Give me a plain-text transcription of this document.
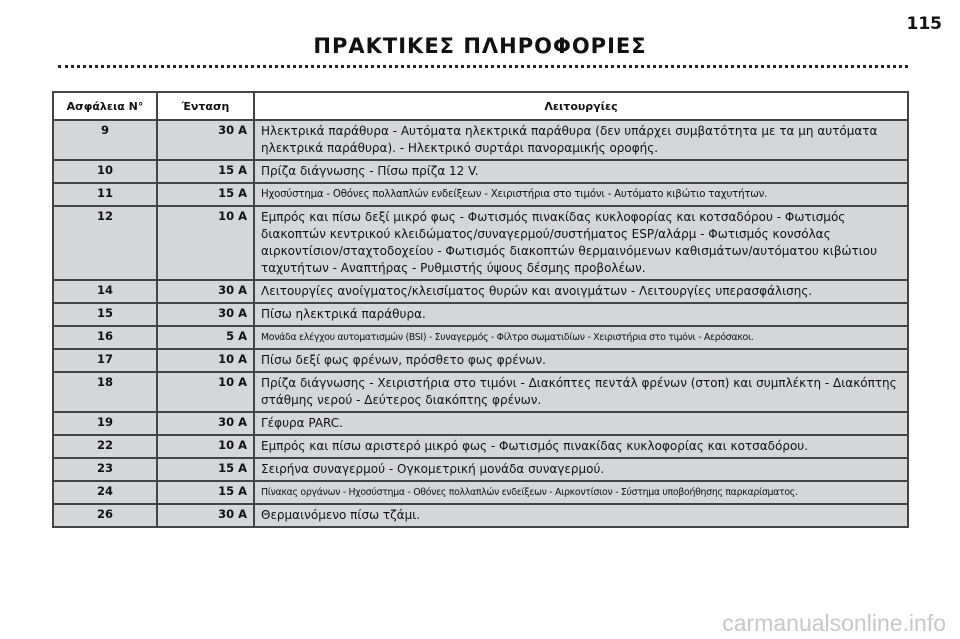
115
ΠΡΑΚΤΙΚΕΣ ΠΛΗΡΟΦΟΡΙΕΣ
Ασφάλεια N°	Ένταση	Λειτουργίες
9	30 A	Ηλεκτρικά παράθυρα - Αυτόματα ηλεκτρικά παράθυρα (δεν υπάρχει συμβατότητα με τα μη αυτόματα ηλεκτρικά παράθυρα). - Ηλεκτρικό συρτάρι πανοραμικής οροφής.
10	15 A	Πρίζα διάγνωσης - Πίσω πρίζα 12 V.
11	15 A	Ηχοσύστημα - Οθόνες πολλαπλών ενδείξεων - Χειριστήρια στο τιμόνι - Αυτόματο κιβώτιο ταχυτήτων.
12	10 A	Εμπρός και πίσω δεξί μικρό φως - Φωτισμός πινακίδας κυκλοφορίας και κοτσαδόρου - Φωτισμός διακοπτών κεντρικού κλειδώματος/συναγερμού/συστήματος ESP/αλάρμ - Φωτισμός κονσόλας αιρκοντίσιον/σταχτοδοχείου - Φωτισμός διακοπτών θερμαινόμενων καθισμάτων/αυτόματου κιβώτιου ταχυτήτων - Αναπτήρας - Ρυθμιστής ύψους δέσμης προβολέων.
14	30 A	Λειτουργίες ανοίγματος/κλεισίματος θυρών και ανοιγμάτων - Λειτουργίες υπερασφάλισης.
15	30 A	Πίσω ηλεκτρικά παράθυρα.
16	5 A	Μονάδα ελέγχου αυτοματισμών (BSI) - Συναγερμός - Φίλτρο σωματιδίων - Χειριστήρια στο τιμόνι - Αερόσακοι.
17	10 A	Πίσω δεξί φως φρένων, πρόσθετο φως φρένων.
18	10 A	Πρίζα διάγνωσης - Χειριστήρια στο τιμόνι - Διακόπτες πεντάλ φρένων (στοπ) και συμπλέκτη - Διακόπτης στάθμης νερού - Δεύτερος διακόπτης φρένων.
19	30 A	Γέφυρα PARC.
22	10 A	Εμπρός και πίσω αριστερό μικρό φως - Φωτισμός πινακίδας κυκλοφορίας και κοτσαδόρου.
23	15 A	Σειρήνα συναγερμού - Ογκομετρική μονάδα συναγερμού.
24	15 A	Πίνακας οργάνων - Ηχοσύστημα - Οθόνες πολλαπλών ενδείξεων - Αιρκοντίσιον - Σύστημα υποβοήθησης παρκαρίσματος.
26	30 A	Θερμαινόμενο πίσω τζάμι.
carmanualsonline.info
